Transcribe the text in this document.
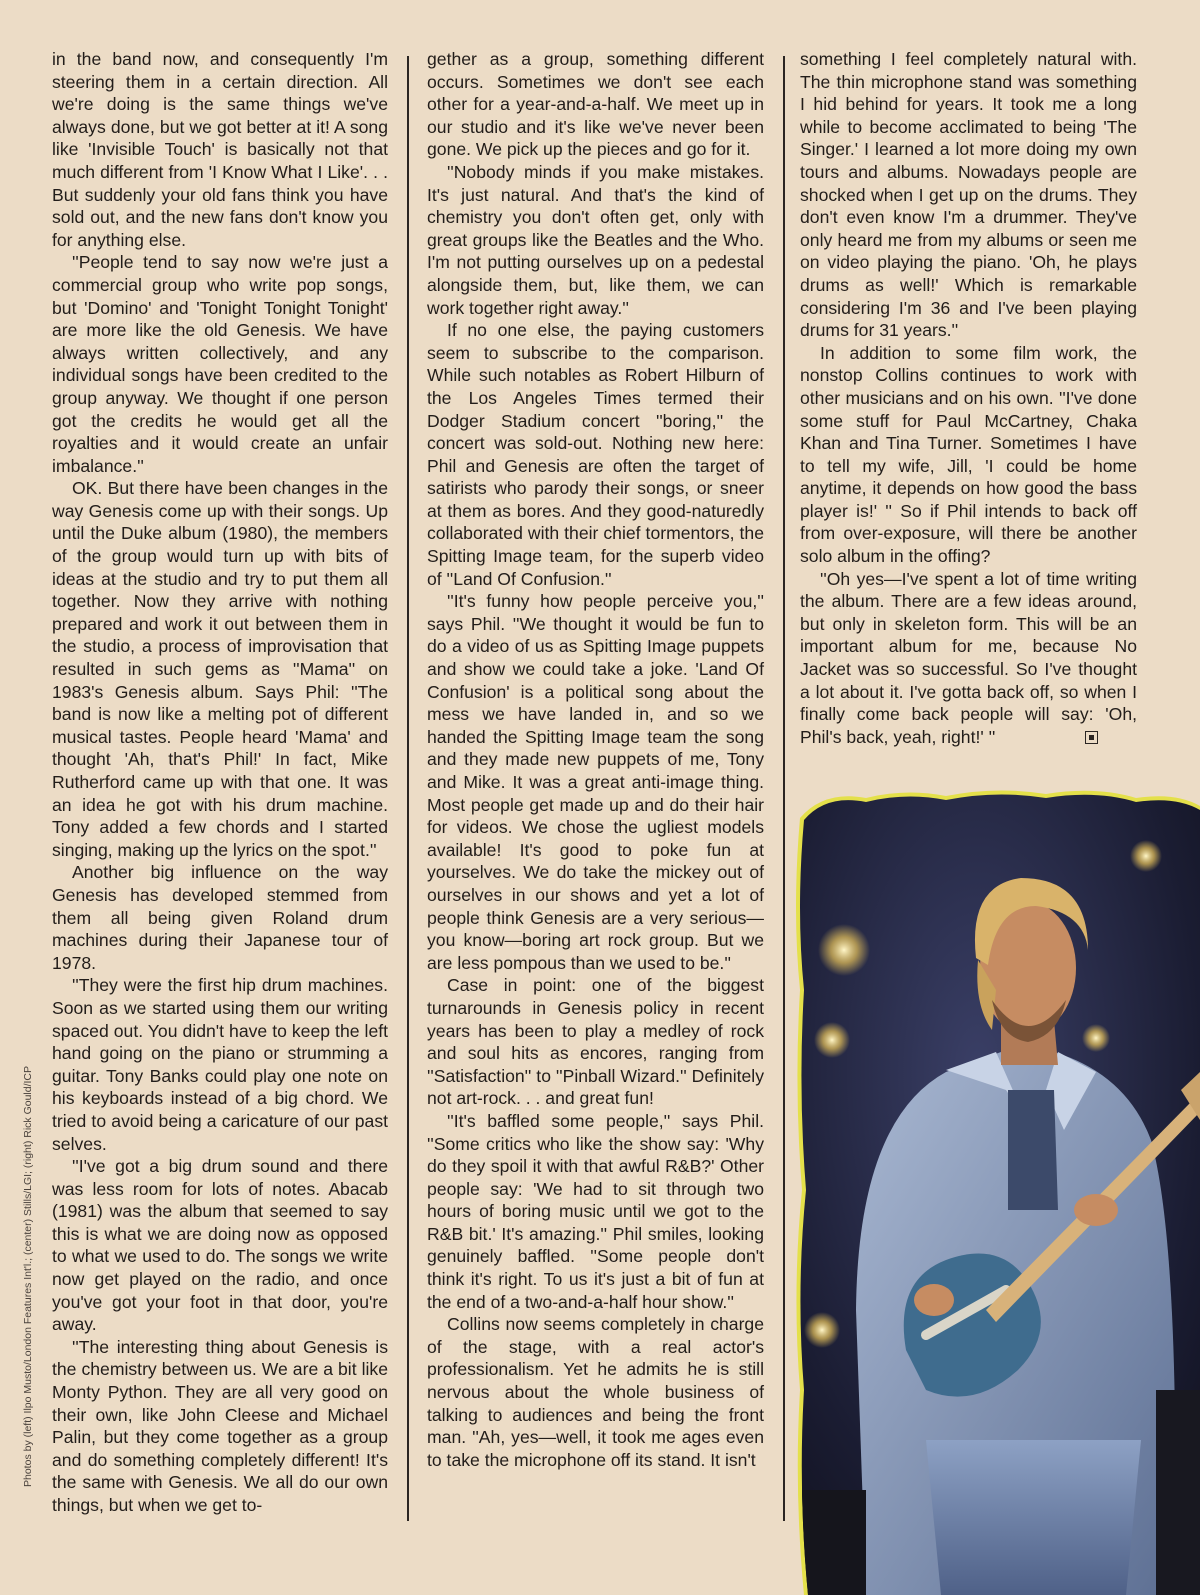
in the band now, and consequently I'm steering them in a certain direction. All we're doing is the same things we've always done, but we got better at it! A song like 'Invisible Touch' is basically not that much different from 'I Know What I Like'. . . But suddenly your old fans think you have sold out, and the new fans don't know you for anything else.

''People tend to say now we're just a commercial group who write pop songs, but 'Domino' and 'Tonight Tonight Tonight' are more like the old Genesis. We have always written collectively, and any individual songs have been credited to the group anyway. We thought if one person got the credits he would get all the royalties and it would create an unfair imbalance.''

OK. But there have been changes in the way Genesis come up with their songs. Up until the Duke album (1980), the members of the group would turn up with bits of ideas at the studio and try to put them all together. Now they arrive with nothing prepared and work it out between them in the studio, a process of improvisation that resulted in such gems as ''Mama'' on 1983's Genesis album. Says Phil: ''The band is now like a melting pot of different musical tastes. People heard 'Mama' and thought 'Ah, that's Phil!' In fact, Mike Rutherford came up with that one. It was an idea he got with his drum machine. Tony added a few chords and I started singing, making up the lyrics on the spot.''

Another big influence on the way Genesis has developed stemmed from them all being given Roland drum machines during their Japanese tour of 1978.

''They were the first hip drum machines. Soon as we started using them our writing spaced out. You didn't have to keep the left hand going on the piano or strumming a guitar. Tony Banks could play one note on his keyboards instead of a big chord. We tried to avoid being a caricature of our past selves.

''I've got a big drum sound and there was less room for lots of notes. Abacab (1981) was the album that seemed to say this is what we are doing now as opposed to what we used to do. The songs we write now get played on the radio, and once you've got your foot in that door, you're away.

''The interesting thing about Genesis is the chemistry between us. We are a bit like Monty Python. They are all very good on their own, like John Cleese and Michael Palin, but they come together as a group and do something completely different! It's the same with Genesis. We all do our own things, but when we get to-

gether as a group, something different occurs. Sometimes we don't see each other for a year-and-a-half. We meet up in our studio and it's like we've never been gone. We pick up the pieces and go for it.

''Nobody minds if you make mistakes. It's just natural. And that's the kind of chemistry you don't often get, only with great groups like the Beatles and the Who. I'm not putting ourselves up on a pedestal alongside them, but, like them, we can work together right away.''

If no one else, the paying customers seem to subscribe to the comparison. While such notables as Robert Hilburn of the Los Angeles Times termed their Dodger Stadium concert ''boring,'' the concert was sold-out. Nothing new here: Phil and Genesis are often the target of satirists who parody their songs, or sneer at them as bores. And they good-naturedly collaborated with their chief tormentors, the Spitting Image team, for the superb video of ''Land Of Confusion.''

''It's funny how people perceive you,'' says Phil. ''We thought it would be fun to do a video of us as Spitting Image puppets and show we could take a joke. 'Land Of Confusion' is a political song about the mess we have landed in, and so we handed the Spitting Image team the song and they made new puppets of me, Tony and Mike. It was a great anti-image thing. Most people get made up and do their hair for videos. We chose the ugliest models available! It's good to poke fun at yourselves. We do take the mickey out of ourselves in our shows and yet a lot of people think Genesis are a very serious—you know—boring art rock group. But we are less pompous than we used to be.''

Case in point: one of the biggest turnarounds in Genesis policy in recent years has been to play a medley of rock and soul hits as encores, ranging from ''Satisfaction'' to ''Pinball Wizard.'' Definitely not art-rock. . . and great fun!

''It's baffled some people,'' says Phil. ''Some critics who like the show say: 'Why do they spoil it with that awful R&B?' Other people say: 'We had to sit through two hours of boring music until we got to the R&B bit.' It's amazing.'' Phil smiles, looking genuinely baffled. ''Some people don't think it's right. To us it's just a bit of fun at the end of a two-and-a-half hour show.''

Collins now seems completely in charge of the stage, with a real actor's professionalism. Yet he admits he is still nervous about the whole business of talking to audiences and being the front man. ''Ah, yes—well, it took me ages even to take the microphone off its stand. It isn't

something I feel completely natural with. The thin microphone stand was something I hid behind for years. It took me a long while to become acclimated to being 'The Singer.' I learned a lot more doing my own tours and albums. Nowadays people are shocked when I get up on the drums. They don't even know I'm a drummer. They've only heard me from my albums or seen me on video playing the piano. 'Oh, he plays drums as well!' Which is remarkable considering I'm 36 and I've been playing drums for 31 years.''

In addition to some film work, the nonstop Collins continues to work with other musicians and on his own. ''I've done some stuff for Paul McCartney, Chaka Khan and Tina Turner. Sometimes I have to tell my wife, Jill, 'I could be home anytime, it depends on how good the bass player is!' '' So if Phil intends to back off from over-exposure, will there be another solo album in the offing?

''Oh yes—I've spent a lot of time writing the album. There are a few ideas around, but only in skeleton form. This will be an important album for me, because No Jacket was so successful. So I've thought a lot about it. I've gotta back off, so when I finally come back people will say: 'Oh, Phil's back, yeah, right!' ''

Photos by (left) Ilpo Musto/London Features Int'l.; (center) Stills/LGI; (right) Rick Gould/ICP
